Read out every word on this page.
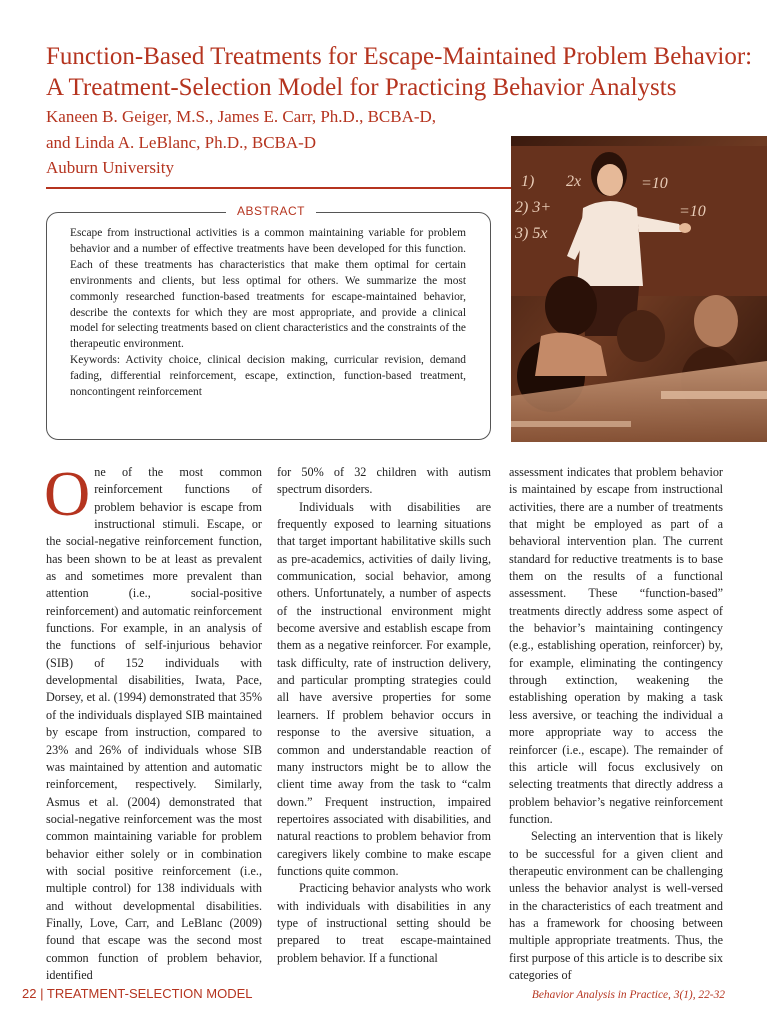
Function-Based Treatments for Escape-Maintained Problem Behavior:
A Treatment-Selection Model for Practicing Behavior Analysts
Kaneen B. Geiger, M.S., James E. Carr, Ph.D., BCBA-D,
and Linda A. LeBlanc, Ph.D., BCBA-D
Auburn University
1) 2x	=10
2) 3+	=10
3) 5x
ABSTRACT

Escape from instructional activities is a common maintaining variable for problem behavior and a number of effective treatments have been developed for this function. Each of these treatments has characteristics that make them optimal for certain environments and clients, but less optimal for others. We summarize the most commonly researched function-based treatments for escape-maintained behavior, describe the contexts for which they are most appropriate, and provide a clinical model for selecting treatments based on client characteristics and the constraints of the therapeutic environment.

Keywords: Activity choice, clinical decision making, curricular revision, demand fading, differential reinforcement, escape, extinction, function-based treatment, noncontingent reinforcement

O ne of the most common reinforcement functions of problem behavior is escape from instructional stimuli. Escape, or the social-negative reinforcement function, has been shown to be at least as prevalent as and sometimes more prevalent than attention (i.e., social-positive reinforcement) and automatic reinforcement functions. For example, in an analysis of the functions of self-injurious behavior (SIB) of 152 individuals with developmental disabilities, Iwata, Pace, Dorsey, et al. (1994) demonstrated that 35% of the individuals displayed SIB maintained by escape from instruction, compared to 23% and 26% of individuals whose SIB was maintained by attention and automatic reinforcement, respectively. Similarly, Asmus et al. (2004) demonstrated that social-negative reinforcement was the most common maintaining variable for problem behavior either solely or in combination with social positive reinforcement (i.e., multiple control) for 138 individuals with and without developmental disabilities. Finally, Love, Carr, and LeBlanc (2009) found that escape was the second most common function of problem behavior, identified

for 50% of 32 children with autism spectrum disorders.

Individuals with disabilities are frequently exposed to learning situations that target important habilitative skills such as pre-academics, activities of daily living, communication, social behavior, among others. Unfortunately, a number of aspects of the instructional environment might become aversive and establish escape from them as a negative reinforcer. For example, task difficulty, rate of instruction delivery, and particular prompting strategies could all have aversive properties for some learners. If problem behavior occurs in response to the aversive situation, a common and understandable reaction of many instructors might be to allow the client time away from the task to “calm down.” Frequent instruction, impaired repertoires associated with disabilities, and natural reactions to problem behavior from caregivers likely combine to make escape functions quite common.

Practicing behavior analysts who work with individuals with disabilities in any type of instructional setting should be prepared to treat escape-maintained problem behavior. If a functional

assessment indicates that problem behavior is maintained by escape from instructional activities, there are a number of treatments that might be employed as part of a behavioral intervention plan. The current standard for reductive treatments is to base them on the results of a functional assessment. These “function-based” treatments directly address some aspect of the behavior’s maintaining contingency (e.g., establishing operation, reinforcer) by, for example, eliminating the contingency through extinction, weakening the establishing operation by making a task less aversive, or teaching the individual a more appropriate way to access the reinforcer (i.e., escape). The remainder of this article will focus exclusively on selecting treatments that directly address a problem behavior’s negative reinforcement function.

Selecting an intervention that is likely to be successful for a given client and therapeutic environment can be challenging unless the behavior analyst is well-versed in the characteristics of each treatment and has a framework for choosing between multiple appropriate treatments. Thus, the first purpose of this article is to describe six categories of

22 | TREATMENT-SELECTION MODEL	Behavior Analysis in Practice, 3(1), 22-32
